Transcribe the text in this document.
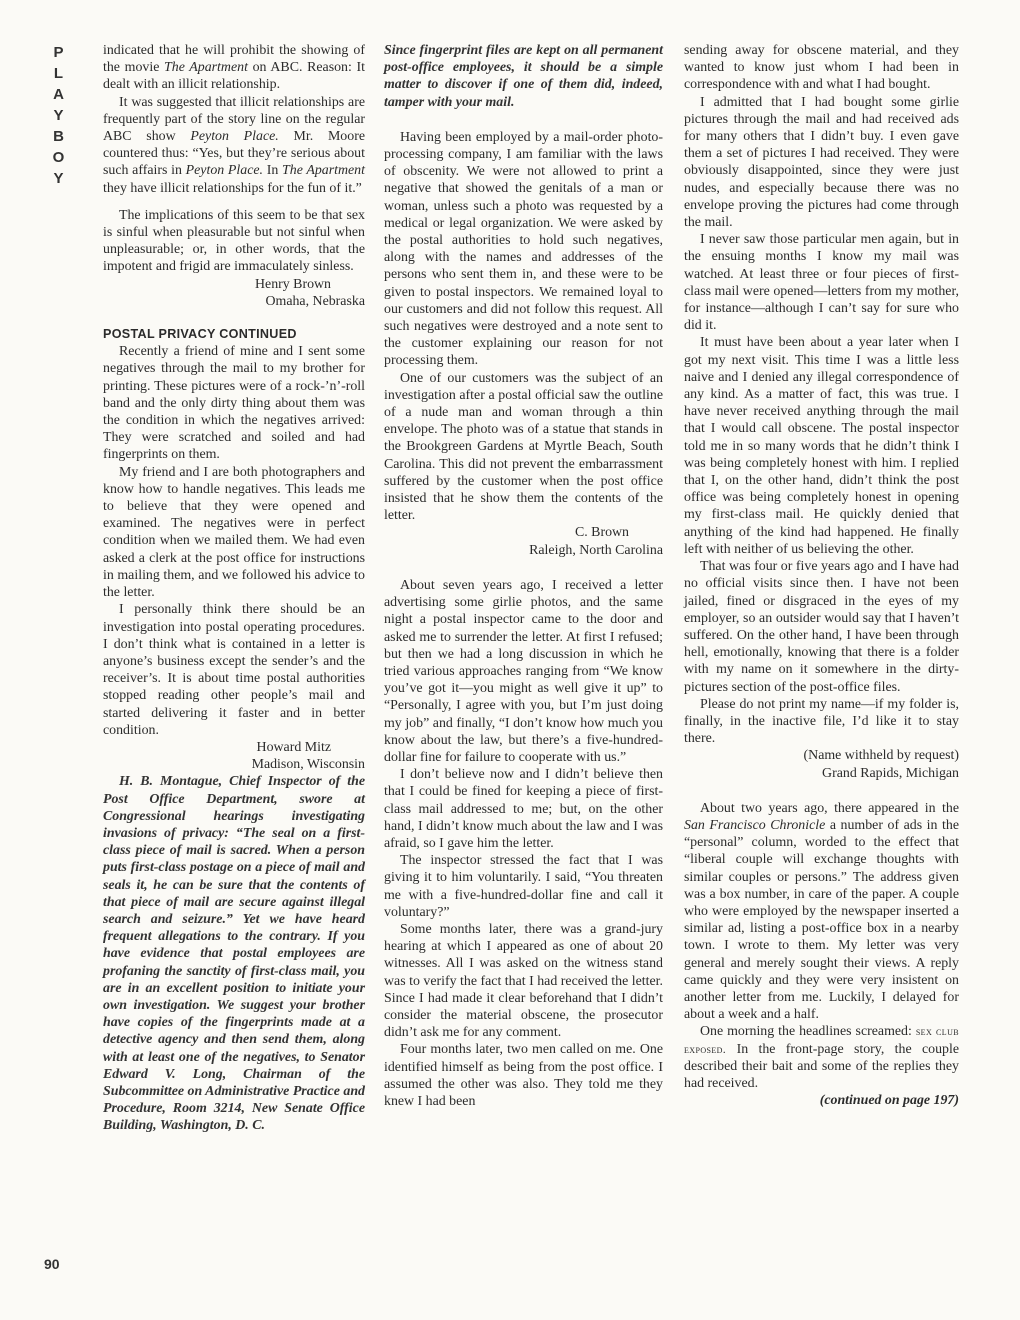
PLAYBOY
90

indicated that he will prohibit the showing of the movie The Apartment on ABC. Reason: It dealt with an illicit relationship.

It was suggested that illicit relationships are frequently part of the story line on the regular ABC show Peyton Place. Mr. Moore countered thus: “Yes, but they’re serious about such affairs in Peyton Place. In The Apartment they have illicit relationships for the fun of it.”

The implications of this seem to be that sex is sinful when pleasurable but not sinful when unpleasurable; or, in other words, that the impotent and frigid are immaculately sinless.

Henry Brown

Omaha, Nebraska

POSTAL PRIVACY CONTINUED

Recently a friend of mine and I sent some negatives through the mail to my brother for printing. These pictures were of a rock-’n’-roll band and the only dirty thing about them was the condition in which the negatives arrived: They were scratched and soiled and had fingerprints on them.

My friend and I are both photographers and know how to handle negatives. This leads me to believe that they were opened and examined. The negatives were in perfect condition when we mailed them. We had even asked a clerk at the post office for instructions in mailing them, and we followed his advice to the letter.

I personally think there should be an investigation into postal operating procedures. I don’t think what is contained in a letter is anyone’s business except the sender’s and the receiver’s. It is about time postal authorities stopped reading other people’s mail and started delivering it faster and in better condition.

Howard Mitz

Madison, Wisconsin

H. B. Montague, Chief Inspector of the Post Office Department, swore at Congressional hearings investigating invasions of privacy: “The seal on a first-class piece of mail is sacred. When a person puts first-class postage on a piece of mail and seals it, he can be sure that the contents of that piece of mail are secure against illegal search and seizure.” Yet we have heard frequent allegations to the contrary. If you have evidence that postal employees are profaning the sanctity of first-class mail, you are in an excellent position to initiate your own investigation. We suggest your brother have copies of the fingerprints made at a detective agency and then send them, along with at least one of the negatives, to Senator Edward V. Long, Chairman of the Subcommittee on Administrative Practice and Procedure, Room 3214, New Senate Office Building, Washington, D. C.

Since fingerprint files are kept on all permanent post-office employees, it should be a simple matter to discover if one of them did, indeed, tamper with your mail.

Having been employed by a mail-order photo-processing company, I am familiar with the laws of obscenity. We were not allowed to print a negative that showed the genitals of a man or woman, unless such a photo was requested by a medical or legal organization. We were asked by the postal authorities to hold such negatives, along with the names and addresses of the persons who sent them in, and these were to be given to postal inspectors. We remained loyal to our customers and did not follow this request. All such negatives were destroyed and a note sent to the customer explaining our reason for not processing them.

One of our customers was the subject of an investigation after a postal official saw the outline of a nude man and woman through a thin envelope. The photo was of a statue that stands in the Brookgreen Gardens at Myrtle Beach, South Carolina. This did not prevent the embarrassment suffered by the customer when the post office insisted that he show them the contents of the letter.

C. Brown

Raleigh, North Carolina

About seven years ago, I received a letter advertising some girlie photos, and the same night a postal inspector came to the door and asked me to surrender the letter. At first I refused; but then we had a long discussion in which he tried various approaches ranging from “We know you’ve got it—you might as well give it up” to “Personally, I agree with you, but I’m just doing my job” and finally, “I don’t know how much you know about the law, but there’s a five-hundred-dollar fine for failure to cooperate with us.”

I don’t believe now and I didn’t believe then that I could be fined for keeping a piece of first-class mail addressed to me; but, on the other hand, I didn’t know much about the law and I was afraid, so I gave him the letter.

The inspector stressed the fact that I was giving it to him voluntarily. I said, “You threaten me with a five-hundred-dollar fine and call it voluntary?”

Some months later, there was a grand-jury hearing at which I appeared as one of about 20 witnesses. All I was asked on the witness stand was to verify the fact that I had received the letter. Since I had made it clear beforehand that I didn’t consider the material obscene, the prosecutor didn’t ask me for any comment.

Four months later, two men called on me. One identified himself as being from the post office. I assumed the other was also. They told me they knew I had been

sending away for obscene material, and they wanted to know just whom I had been in correspondence with and what I had bought.

I admitted that I had bought some girlie pictures through the mail and had received ads for many others that I didn’t buy. I even gave them a set of pictures I had received. They were obviously disappointed, since they were just nudes, and especially because there was no envelope proving the pictures had come through the mail.

I never saw those particular men again, but in the ensuing months I know my mail was watched. At least three or four pieces of first-class mail were opened—letters from my mother, for instance—although I can’t say for sure who did it.

It must have been about a year later when I got my next visit. This time I was a little less naive and I denied any illegal correspondence of any kind. As a matter of fact, this was true. I have never received anything through the mail that I would call obscene. The postal inspector told me in so many words that he didn’t think I was being completely honest with him. I replied that I, on the other hand, didn’t think the post office was being completely honest in opening my first-class mail. He quickly denied that anything of the kind had happened. He finally left with neither of us believing the other.

That was four or five years ago and I have had no official visits since then. I have not been jailed, fined or disgraced in the eyes of my employer, so an outsider would say that I haven’t suffered. On the other hand, I have been through hell, emotionally, knowing that there is a folder with my name on it somewhere in the dirty-pictures section of the post-office files.

Please do not print my name—if my folder is, finally, in the inactive file, I’d like it to stay there.

(Name withheld by request)

Grand Rapids, Michigan

About two years ago, there appeared in the San Francisco Chronicle a number of ads in the “personal” column, worded to the effect that “liberal couple will exchange thoughts with similar couples or persons.” The address given was a box number, in care of the paper. A couple who were employed by the newspaper inserted a similar ad, listing a post-office box in a nearby town. I wrote to them. My letter was very general and merely sought their views. A reply came quickly and they were very insistent on another letter from me. Luckily, I delayed for about a week and a half.

One morning the headlines screamed: sex club exposed. In the front-page story, the couple described their bait and some of the replies they had received.

(continued on page 197)
